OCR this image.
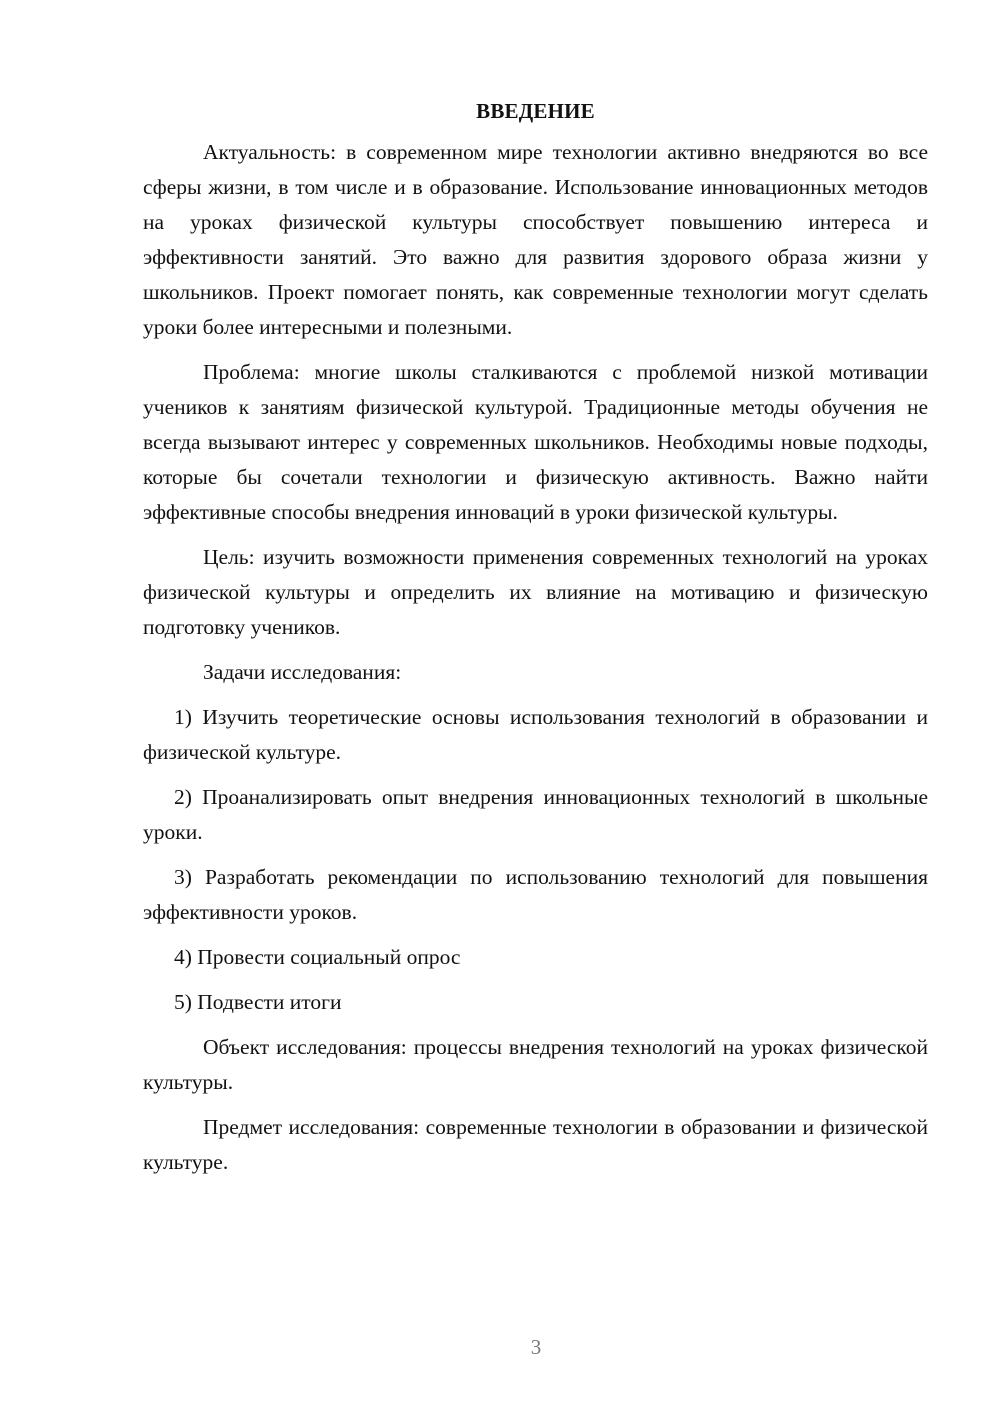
ВВЕДЕНИЕ

Актуальность: в современном мире технологии активно внедряются во все сферы жизни, в том числе и в образование. Использование инновационных методов на уроках физической культуры способствует повышению интереса и эффективности занятий. Это важно для развития здорового образа жизни у школьников. Проект помогает понять, как современные технологии могут сделать уроки более интересными и полезными.

Проблема: многие школы сталкиваются с проблемой низкой мотивации учеников к занятиям физической культурой. Традиционные методы обучения не всегда вызывают интерес у современных школьников. Необходимы новые подходы, которые бы сочетали технологии и физическую активность. Важно найти эффективные способы внедрения инноваций в уроки физической культуры.

Цель: изучить возможности применения современных технологий на уроках физической культуры и определить их влияние на мотивацию и физическую подготовку учеников.

Задачи исследования:

1) Изучить теоретические основы использования технологий в образовании и физической культуре.

2) Проанализировать опыт внедрения инновационных технологий в школьные уроки.

3) Разработать рекомендации по использованию технологий для повышения эффективности уроков.

4) Провести социальный опрос

5) Подвести итоги

Объект исследования: процессы внедрения технологий на уроках физической культуры.

Предмет исследования: современные технологии в образовании и физической культуре.

3
